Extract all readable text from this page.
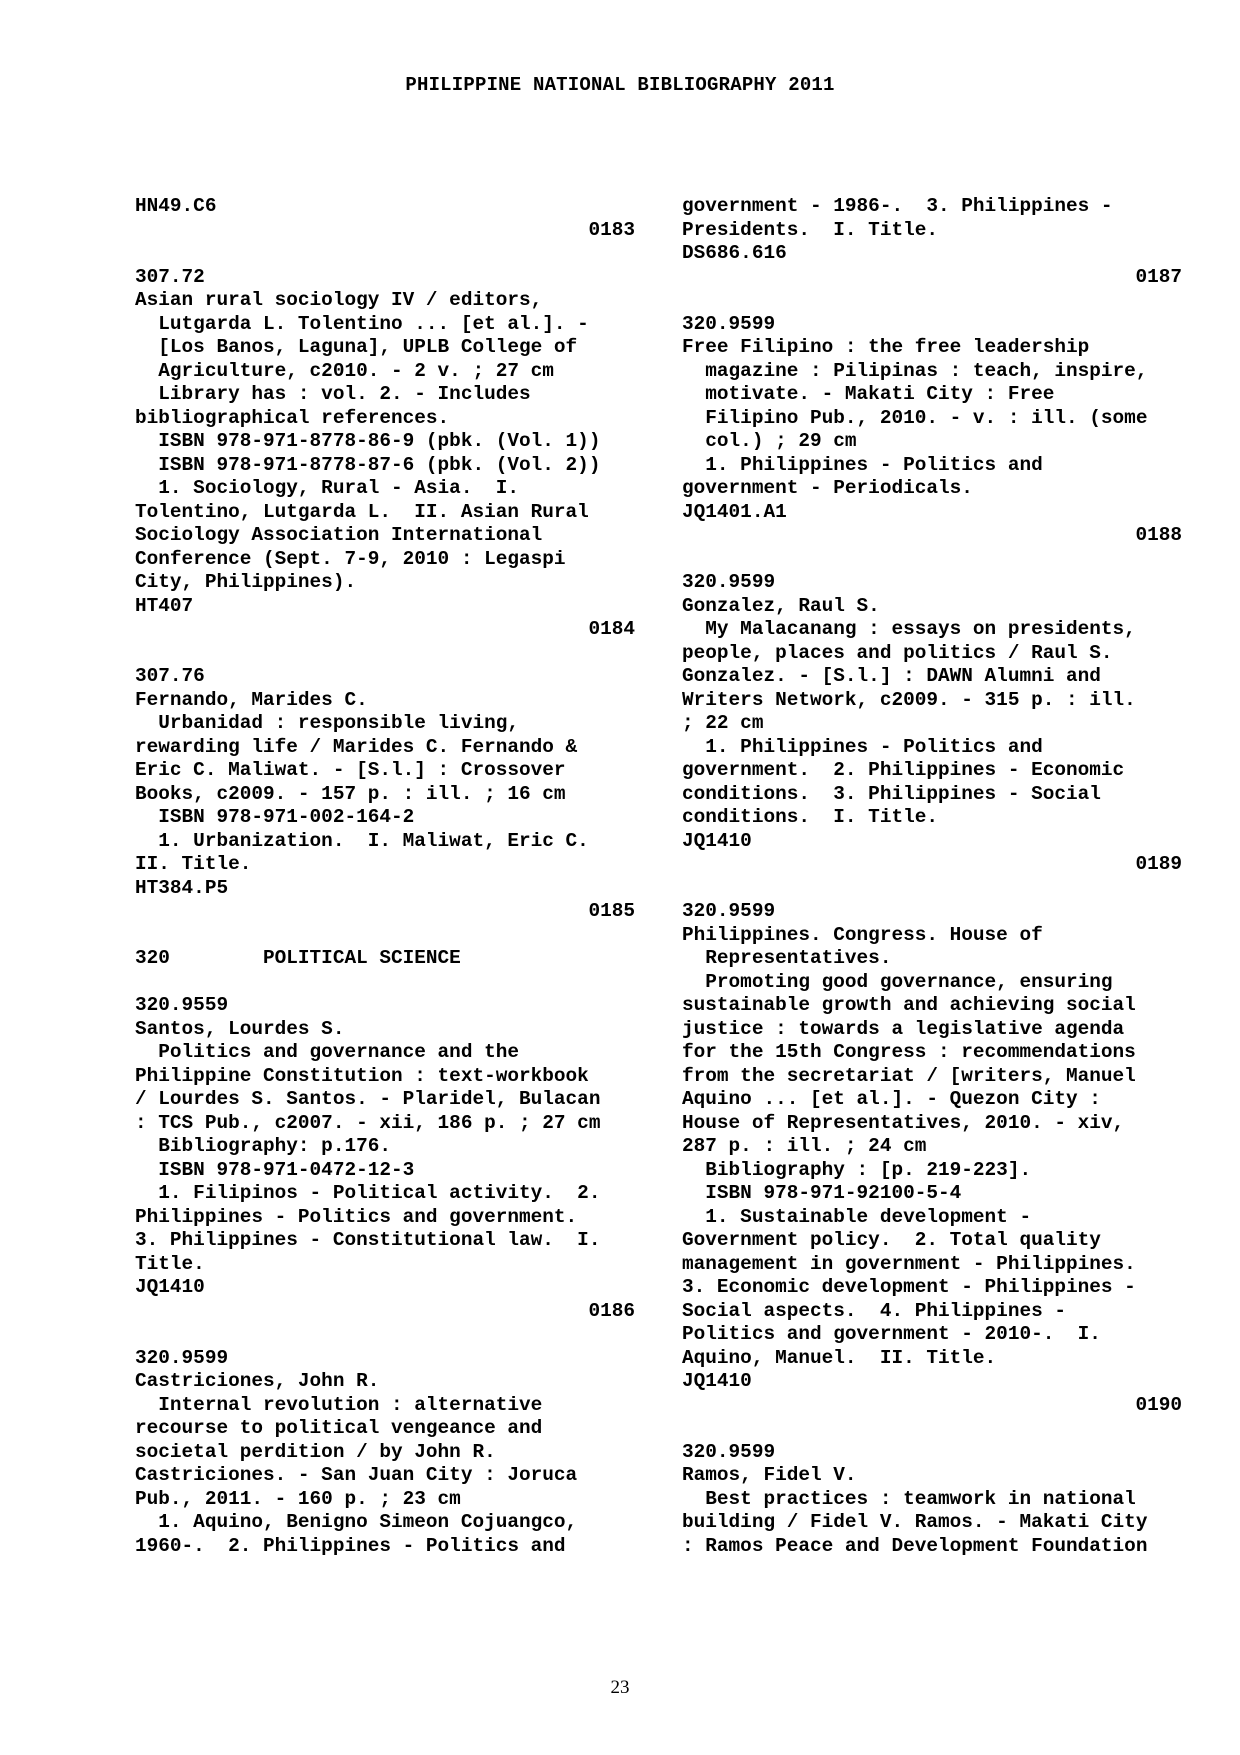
PHILIPPINE NATIONAL BIBLIOGRAPHY 2011
HN49.C6
0183
307.72
Asian rural sociology IV / editors,
Lutgarda L. Tolentino ... [et al.]. -
[Los Banos, Laguna], UPLB College of
Agriculture, c2010. - 2 v. ; 27 cm
Library has : vol. 2. - Includes
bibliographical references.
ISBN 978-971-8778-86-9 (pbk. (Vol. 1))
ISBN 978-971-8778-87-6 (pbk. (Vol. 2))
1. Sociology, Rural - Asia.  I.
Tolentino, Lutgarda L.  II. Asian Rural
Sociology Association International
Conference (Sept. 7-9, 2010 : Legaspi
City, Philippines).
HT407
0184
307.76
Fernando, Marides C.
Urbanidad : responsible living,
rewarding life / Marides C. Fernando &
Eric C. Maliwat. - [S.l.] : Crossover
Books, c2009. - 157 p. : ill. ; 16 cm
ISBN 978-971-002-164-2
1. Urbanization.  I. Maliwat, Eric C.
II. Title.
HT384.P5
0185
320        POLITICAL SCIENCE
320.9559
Santos, Lourdes S.
Politics and governance and the
Philippine Constitution : text-workbook
/ Lourdes S. Santos. - Plaridel, Bulacan
: TCS Pub., c2007. - xii, 186 p. ; 27 cm
Bibliography: p.176.
ISBN 978-971-0472-12-3
1. Filipinos - Political activity.  2.
Philippines - Politics and government.
3. Philippines - Constitutional law.  I.
Title.
JQ1410
0186
320.9599
Castriciones, John R.
Internal revolution : alternative
recourse to political vengeance and
societal perdition / by John R.
Castriciones. - San Juan City : Joruca
Pub., 2011. - 160 p. ; 23 cm
1. Aquino, Benigno Simeon Cojuangco,
1960-.  2. Philippines - Politics and
government - 1986-.  3. Philippines -
Presidents.  I. Title.
DS686.616
0187
320.9599
Free Filipino : the free leadership
magazine : Pilipinas : teach, inspire,
motivate. - Makati City : Free
Filipino Pub., 2010. - v. : ill. (some
col.) ; 29 cm
1. Philippines - Politics and
government - Periodicals.
JQ1401.A1
0188
320.9599
Gonzalez, Raul S.
My Malacanang : essays on presidents,
people, places and politics / Raul S.
Gonzalez. - [S.l.] : DAWN Alumni and
Writers Network, c2009. - 315 p. : ill.
; 22 cm
1. Philippines - Politics and
government.  2. Philippines - Economic
conditions.  3. Philippines - Social
conditions.  I. Title.
JQ1410
0189
320.9599
Philippines. Congress. House of
Representatives.
Promoting good governance, ensuring
sustainable growth and achieving social
justice : towards a legislative agenda
for the 15th Congress : recommendations
from the secretariat / [writers, Manuel
Aquino ... [et al.]. - Quezon City :
House of Representatives, 2010. - xiv,
287 p. : ill. ; 24 cm
Bibliography : [p. 219-223].
ISBN 978-971-92100-5-4
1. Sustainable development -
Government policy.  2. Total quality
management in government - Philippines.
3. Economic development - Philippines -
Social aspects.  4. Philippines -
Politics and government - 2010-.  I.
Aquino, Manuel.  II. Title.
JQ1410
0190
320.9599
Ramos, Fidel V.
Best practices : teamwork in national
building / Fidel V. Ramos. - Makati City
: Ramos Peace and Development Foundation
23
